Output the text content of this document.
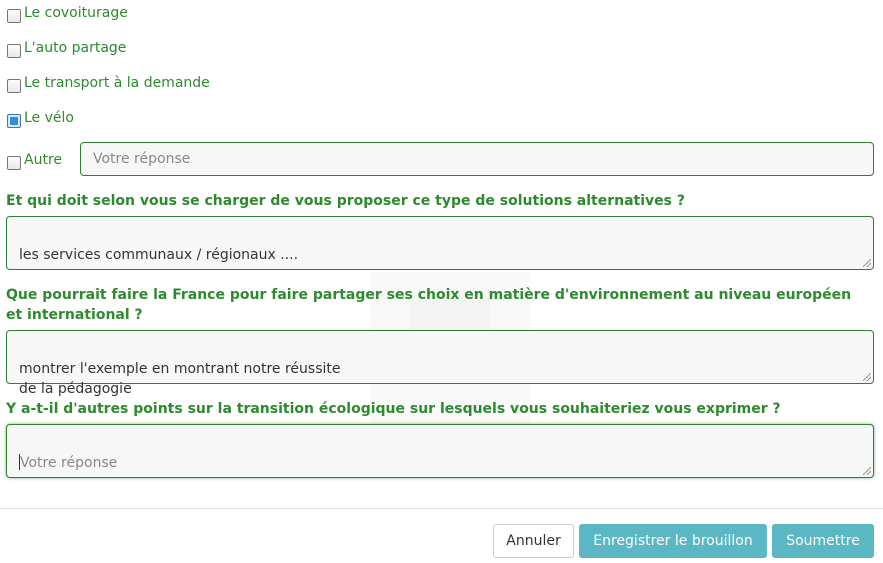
Le covoiturage
L'auto partage
Le transport à la demande
Le vélo
Autre	Votre réponse
Et qui doit selon vous se charger de vous proposer ce type de solutions alternatives ?

les services communaux / régionaux ....

Que pourrait faire la France pour faire partager ses choix en matière d'environnement au niveau européen et international ?

montrer l'exemple en montrant notre réussite
de la pédagogie

Y a-t-il d'autres points sur la transition écologique sur lesquels vous souhaiteriez vous exprimer ?

Votre réponse

Annuler	Enregistrer le brouillon	Soumettre
